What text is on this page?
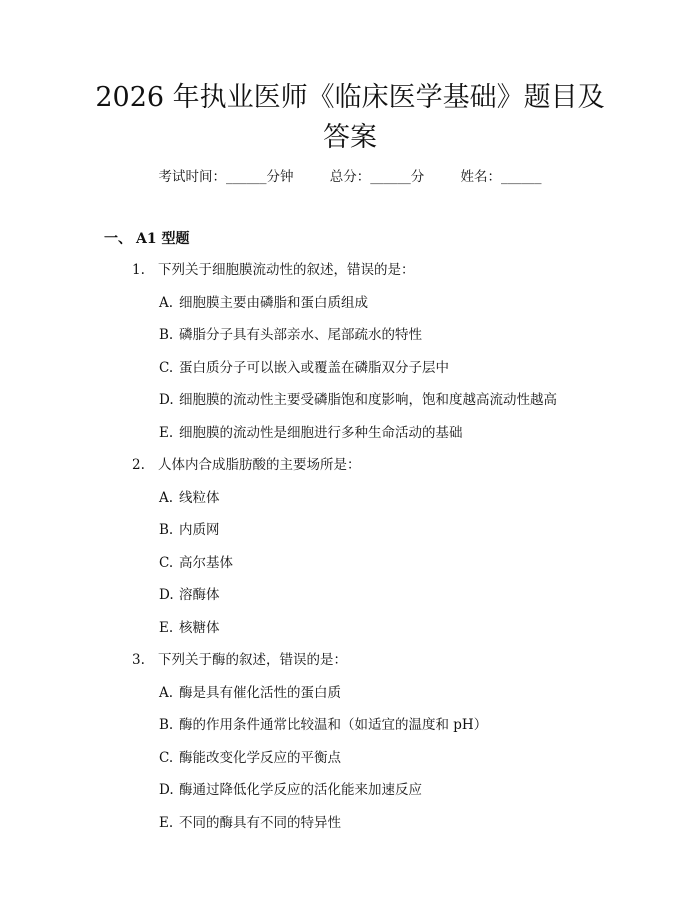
2026 年执业医师《临床医学基础》题目及答案
考试时间：______分钟	总分：______分	姓名：______
一、 A1 型题
1. 下列关于细胞膜流动性的叙述，错误的是：
A. 细胞膜主要由磷脂和蛋白质组成
B. 磷脂分子具有头部亲水、尾部疏水的特性
C. 蛋白质分子可以嵌入或覆盖在磷脂双分子层中
D. 细胞膜的流动性主要受磷脂饱和度影响，饱和度越高流动性越高
E. 细胞膜的流动性是细胞进行多种生命活动的基础
2. 人体内合成脂肪酸的主要场所是：
A. 线粒体
B. 内质网
C. 高尔基体
D. 溶酶体
E. 核糖体
3. 下列关于酶的叙述，错误的是：
A. 酶是具有催化活性的蛋白质
B. 酶的作用条件通常比较温和（如适宜的温度和 pH）
C. 酶能改变化学反应的平衡点
D. 酶通过降低化学反应的活化能来加速反应
E. 不同的酶具有不同的特异性
